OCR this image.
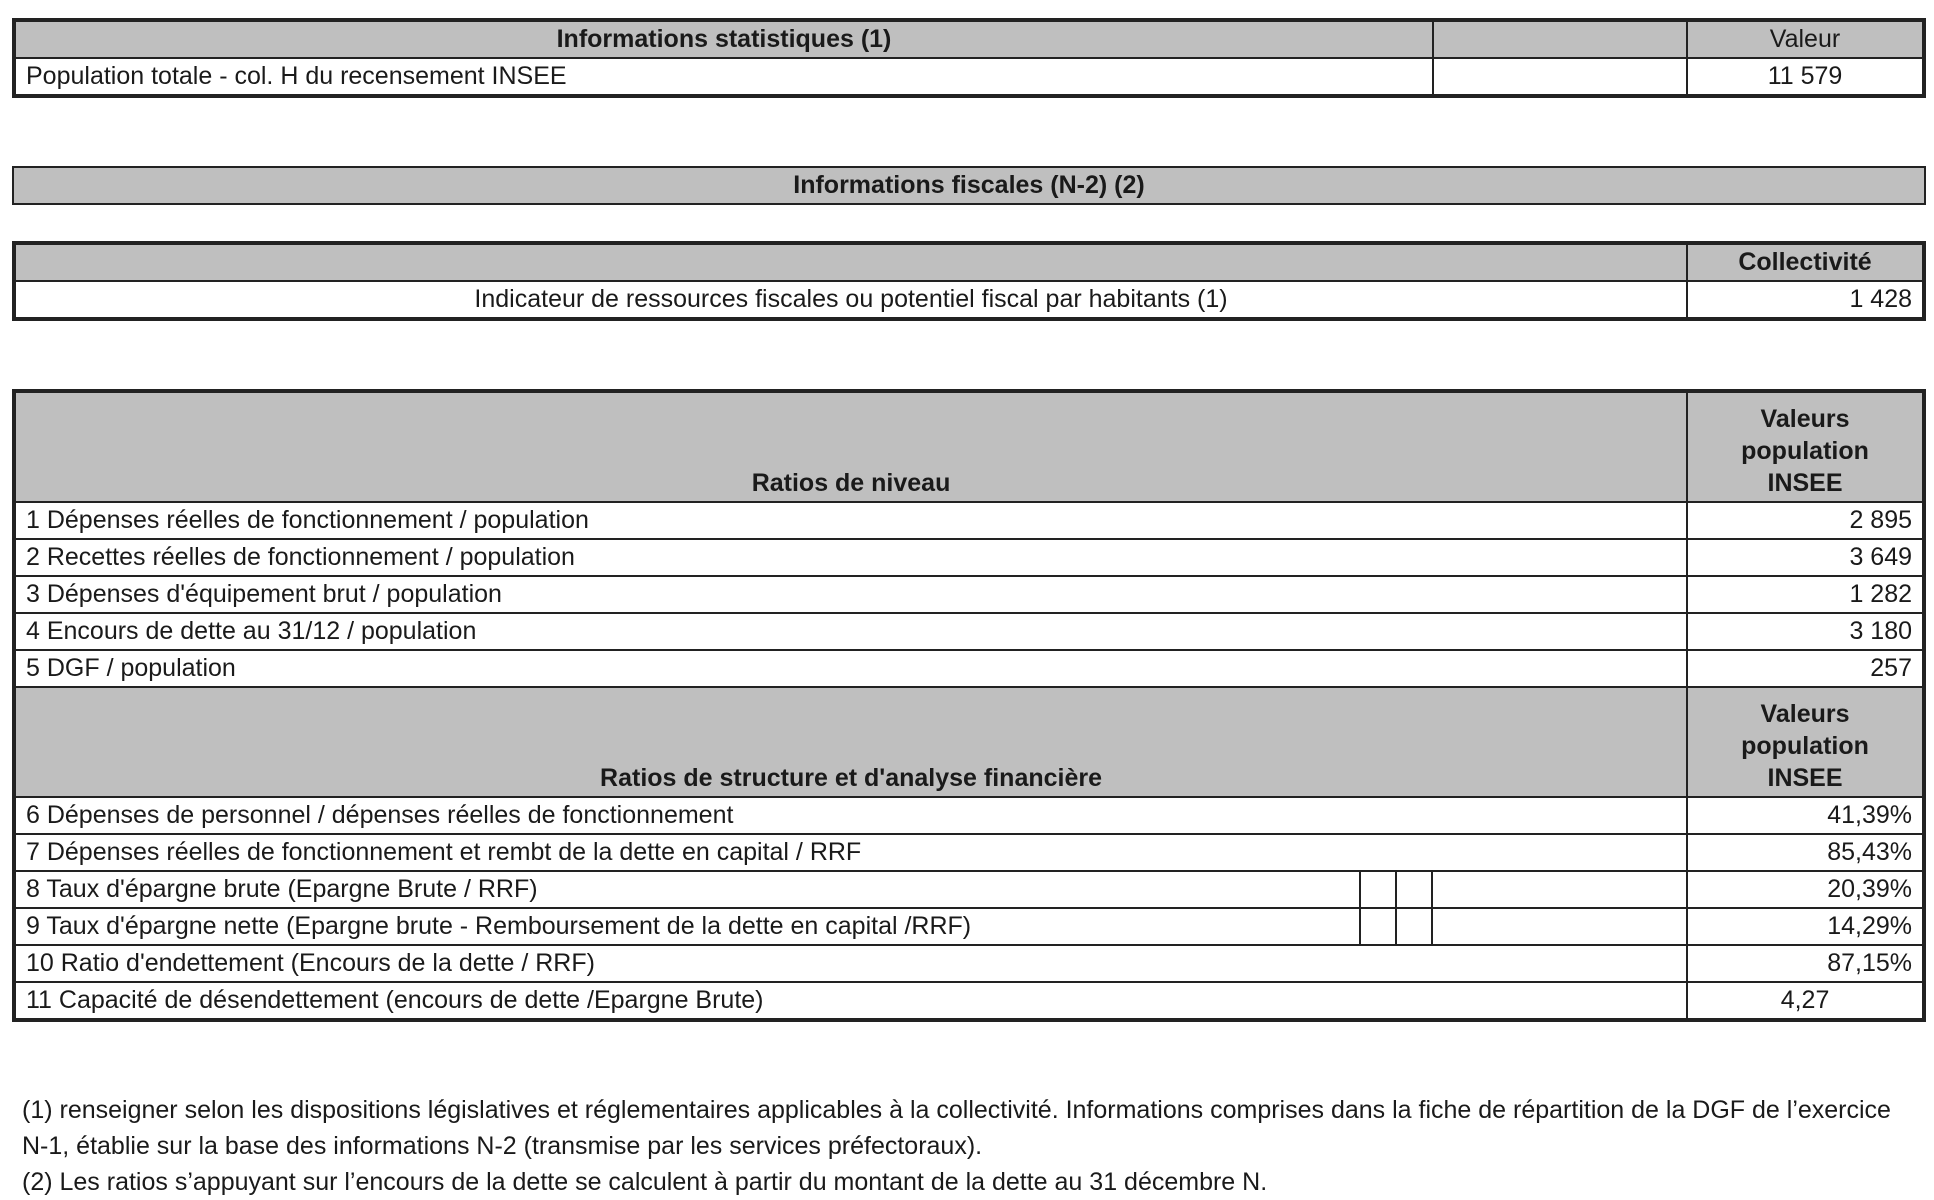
Informations statistiques (1)		Valeur
Population totale - col. H du recensement INSEE		11 579
Informations fiscales (N-2) (2)
	Collectivité
Indicateur de ressources fiscales ou potentiel fiscal par habitants (1)	1 428
Ratios de niveau				Valeurs
population
INSEE

1 Dépenses réelles de fonctionnement / population				2 895
2 Recettes réelles de fonctionnement / population				3 649
3 Dépenses d'équipement brut / population				1 282
4 Encours de dette au 31/12 / population				3 180
5 DGF / population				257
Ratios de structure et d'analyse financière				Valeurs
population
INSEE

6 Dépenses de personnel / dépenses réelles de fonctionnement				41,39%
7 Dépenses réelles de fonctionnement et rembt de la dette en capital / RRF				85,43%
8 Taux d'épargne brute (Epargne Brute / RRF)				20,39%
9 Taux d'épargne nette (Epargne brute - Remboursement de la dette en capital /RRF)				14,29%
10 Ratio d'endettement (Encours de la dette / RRF)				87,15%
11 Capacité de désendettement (encours de dette /Epargne Brute)				4,27

(1) renseigner selon les dispositions législatives et réglementaires applicables à la collectivité. Informations comprises dans la fiche de répartition de la DGF de l’exercice N-1, établie sur la base des informations N-2 (transmise par les services préfectoraux).

(2) Les ratios s’appuyant sur l’encours de la dette se calculent à partir du montant de la dette au 31 décembre N.
